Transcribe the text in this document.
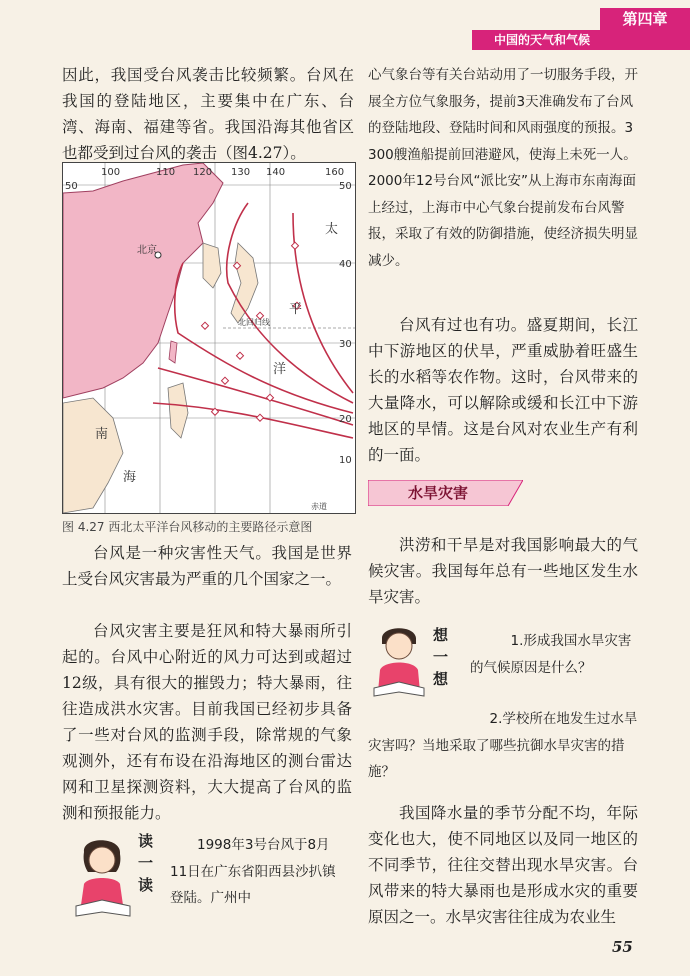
第四章
中国的天气和气候

因此，我国受台风袭击比较频繁。台风在我国的登陆地区，主要集中在广东、台湾、海南、福建等省。我国沿海其他省区也都受到过台风的袭击（图4.27）。

100	110 120 130 140	160
50	50
40
30
20
10
北京
北回归线
赤道
太
平
洋
南
海
图 4.27 西北太平洋台风移动的主要路径示意图

台风是一种灾害性天气。我国是世界上受台风灾害最为严重的几个国家之一。

台风灾害主要是狂风和特大暴雨所引起的。台风中心附近的风力可达到或超过12级，具有很大的摧毁力；特大暴雨，往往造成洪水灾害。目前我国已经初步具备了一些对台风的监测手段，除常规的气象观测外，还有布设在沿海地区的测台雷达网和卫星探测资料，大大提高了台风的监测和预报能力。

读
一
读

1998年3号台风于8月11日在广东省阳西县沙扒镇登陆。广州中

心气象台等有关台站动用了一切服务手段，开展全方位气象服务，提前3天准确发布了台风的登陆地段、登陆时间和风雨强度的预报。3 300艘渔船提前回港避风，使海上未死一人。2000年12号台风“派比安”从上海市东南海面上经过，上海市中心气象台提前发布台风警报，采取了有效的防御措施，使经济损失明显减少。

台风有过也有功。盛夏期间，长江中下游地区的伏旱，严重威胁着旺盛生长的水稻等农作物。这时，台风带来的大量降水，可以解除或缓和长江中下游地区的旱情。这是台风对农业生产有利的一面。

水旱灾害

洪涝和干旱是对我国影响最大的气候灾害。我国每年总有一些地区发生水旱灾害。

想
一
想

1.形成我国水旱灾害的气候原因是什么？

2.学校所在地发生过水旱灾害吗？当地采取了哪些抗御水旱灾害的措施？

我国降水量的季节分配不均，年际变化也大，使不同地区以及同一地区的不同季节，往往交替出现水旱灾害。台风带来的特大暴雨也是形成水灾的重要原因之一。水旱灾害往往成为农业生

55
